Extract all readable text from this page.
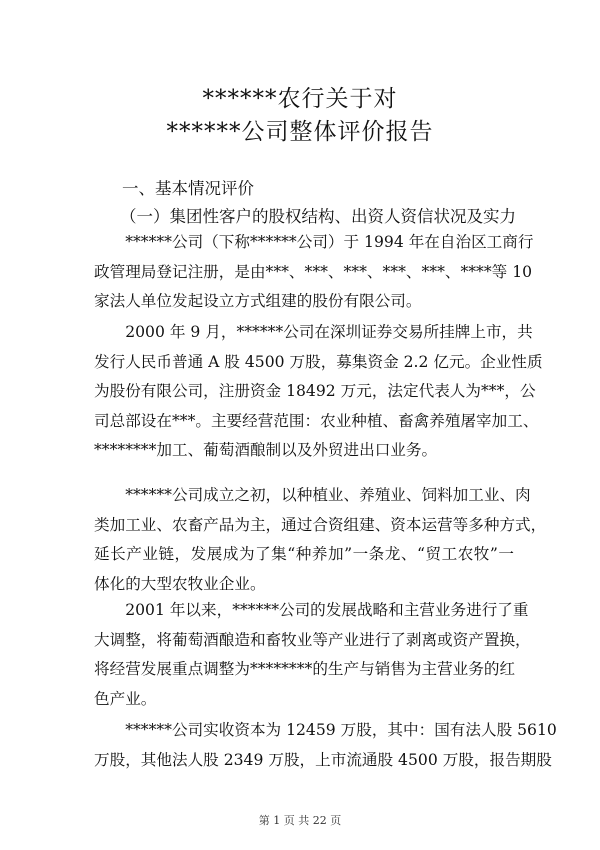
******农行关于对
******公司整体评价报告
一、基本情况评价
（一）集团性客户的股权结构、出资人资信状况及实力
　　******公司（下称******公司）于 1994 年在自治区工商行
政管理局登记注册，是由***、***、***、***、***、****等 10
家法人单位发起设立方式组建的股份有限公司。
　　2000 年 9 月，******公司在深圳证券交易所挂牌上市，共
发行人民币普通 A 股 4500 万股，募集资金 2.2 亿元。企业性质
为股份有限公司，注册资金 18492 万元，法定代表人为***，公
司总部设在***。主要经营范围：农业种植、畜禽养殖屠宰加工、
********加工、葡萄酒酿制以及外贸进出口业务。
　　******公司成立之初，以种植业、养殖业、饲料加工业、肉
类加工业、农畜产品为主，通过合资组建、资本运营等多种方式，
延长产业链，发展成为了集“种养加”一条龙、“贸工农牧”一
体化的大型农牧业企业。
　　2001 年以来，******公司的发展战略和主营业务进行了重
大调整，将葡萄酒酿造和畜牧业等产业进行了剥离或资产置换，
将经营发展重点调整为********的生产与销售为主营业务的红
色产业。
　　******公司实收资本为 12459 万股，其中：国有法人股 5610
万股，其他法人股 2349 万股，上市流通股 4500 万股，报告期股
第 1 页 共 22 页
